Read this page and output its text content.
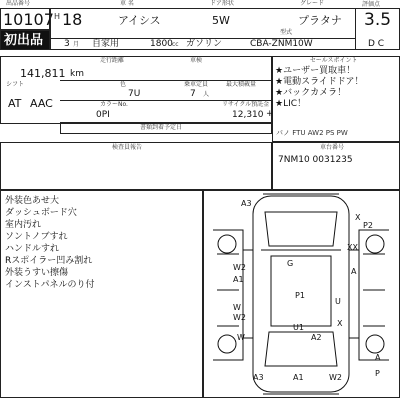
出品番号	車 名	ドア形状	グレード
10107
初出品
H 18	アイシス	5W	プラタナ
評価点
3.5
3 月 自家用	1800 cc ガソリン
型式
CBA-ZNM10W	D C
走行距離	車検
141,811 km
シフト	色
7U
乗車定員
7 人
最大積載量
AT AAC	カラーNo.	リサイクル預託金
0PI	12,310 +
書類到着予定日
セールスポイント
★ユーザー買取車！
★電動スライドドア！
★バックカメラ！
★LIC！
パノ FTU AW2 PS PW
検査員報告	車台番号
7NM10 0031235
外装色あせ大
ダッシュボード穴
室内汚れ
ソントノブすれ
ハンドルすれ
Rスポイラー凹み割れ
外装うすい擦傷
インストパネルのり付
A3
P2
X
XX
A
W2
A1
G
P1
U
W
W2
U1	X
W	A2
A3	A1	W2
A
P
